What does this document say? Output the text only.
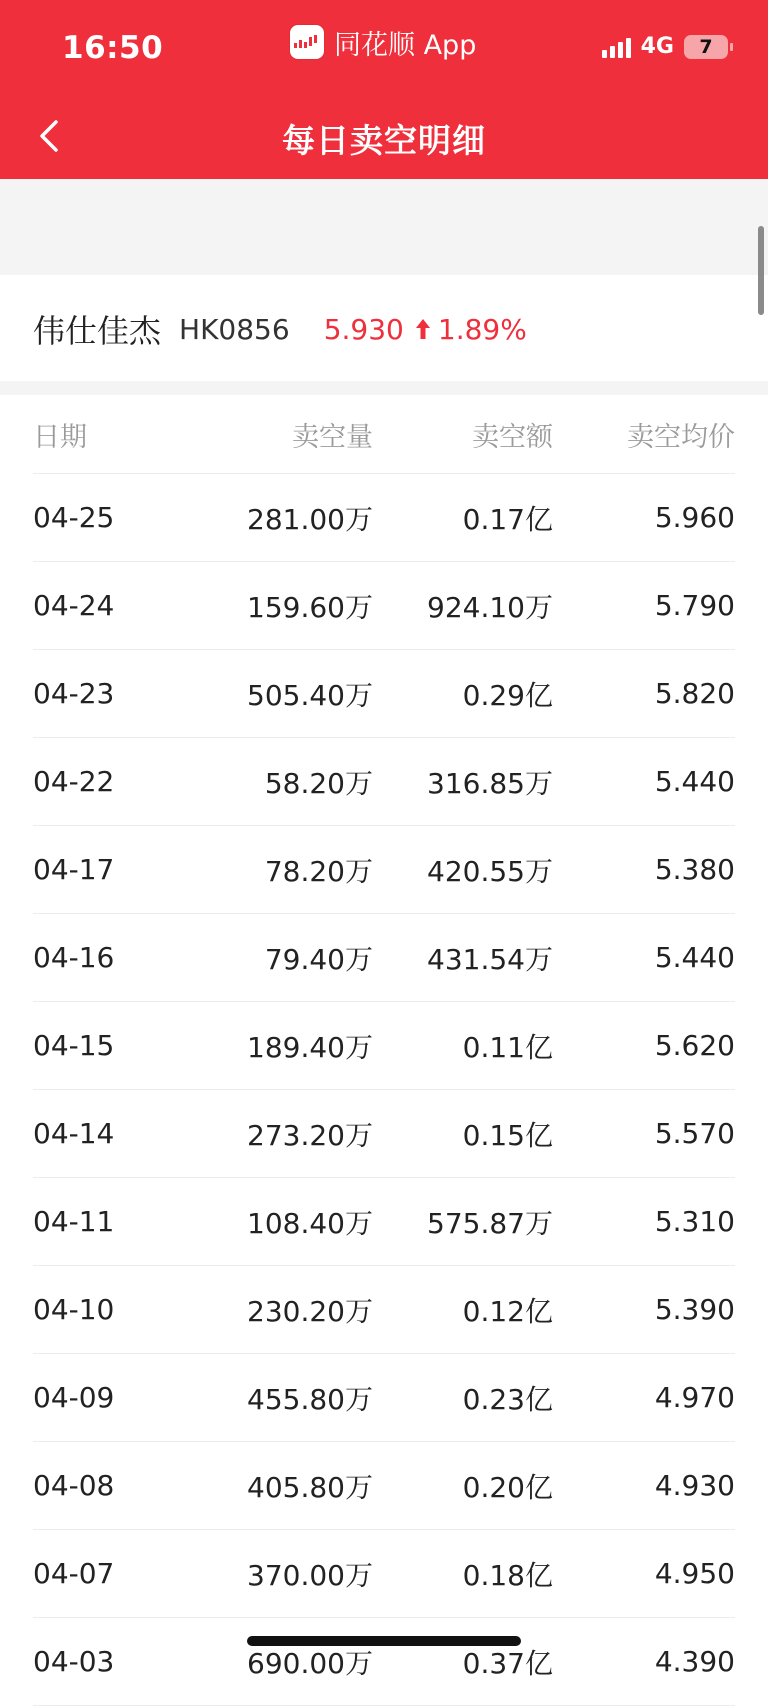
16:50	同花顺 App	4G 7
每日卖空明细
伟仕佳杰 HK0856 5.930 1.89%
日期	卖空量	卖空额	卖空均价
04-25	281.00万	0.17亿	5.960
04-24	159.60万	924.10万	5.790
04-23	505.40万	0.29亿	5.820
04-22	58.20万	316.85万	5.440
04-17	78.20万	420.55万	5.380
04-16	79.40万	431.54万	5.440
04-15	189.40万	0.11亿	5.620
04-14	273.20万	0.15亿	5.570
04-11	108.40万	575.87万	5.310
04-10	230.20万	0.12亿	5.390
04-09	455.80万	0.23亿	4.970
04-08	405.80万	0.20亿	4.930
04-07	370.00万	0.18亿	4.950
04-03	690.00万	0.37亿	4.390
